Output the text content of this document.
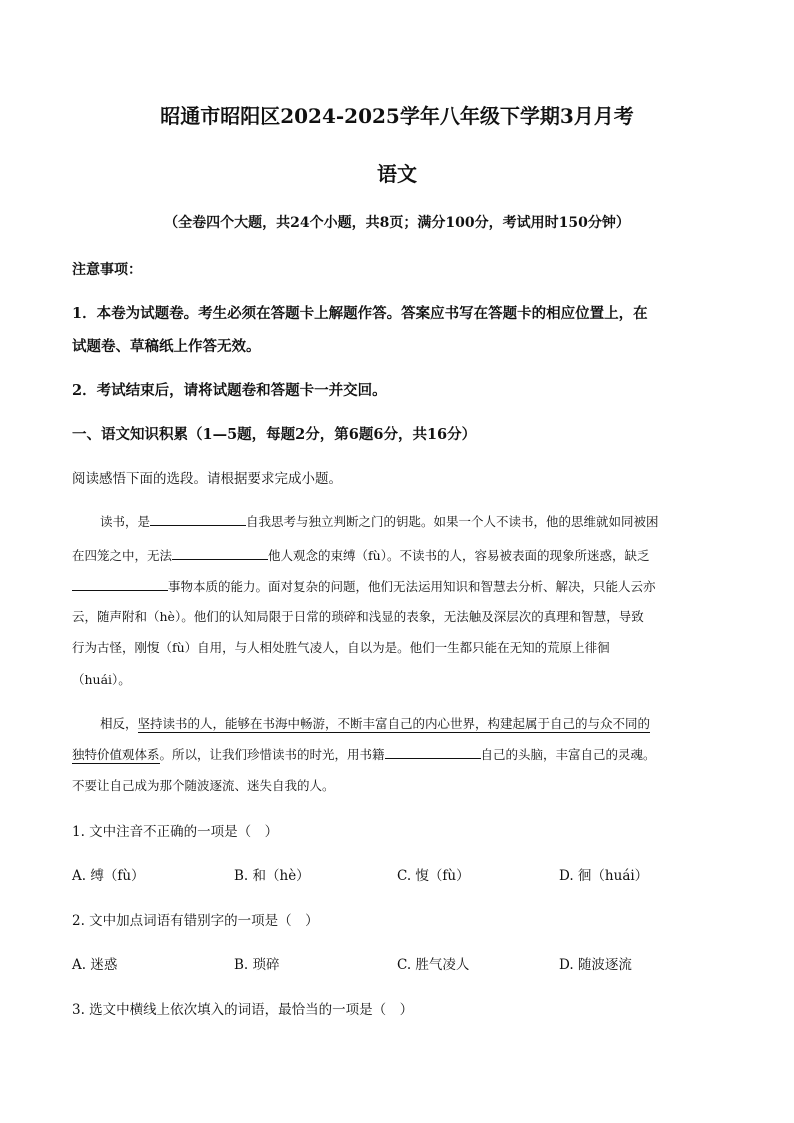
昭通市昭阳区2024-2025学年八年级下学期3月月考
语文
（全卷四个大题，共24个小题，共8页；满分100分，考试用时150分钟）
注意事项：
1．本卷为试题卷。考生必须在答题卡上解题作答。答案应书写在答题卡的相应位置上，在
试题卷、草稿纸上作答无效。
2．考试结束后，请将试题卷和答题卡一并交回。
一、语文知识积累（1—5题，每题2分，第6题6分，共16分）
阅读感悟下面的选段。请根据要求完成小题。
读书，是	自我思考与独立判断之门的钥匙。如果一个人不读书，他的思维就如同被困
在四笼之中，无法	他人观念的束缚（fù）。不读书的人，容易被表面的现象所迷惑，缺乏
事物本质的能力。面对复杂的问题，他们无法运用知识和智慧去分析、解决，只能人云亦
云，随声附和（hè）。他们的认知局限于日常的琐碎和浅显的表象，无法触及深层次的真理和智慧，导致
行为古怪，刚愎（fù）自用，与人相处胜气凌人，自以为是。他们一生都只能在无知的荒原上徘徊
（huái）。
相反，坚持读书的人，能够在书海中畅游，不断丰富自己的内心世界，构建起属于自己的与众不同的
独特价值观体系。所以，让我们珍惜读书的时光，用书籍	自己的头脑，丰富自己的灵魂。
不要让自己成为那个随波逐流、迷失自我的人。
1. 文中注音不正确的一项是（　）
A. 缚（fù）	B. 和（hè）	C. 愎（fù）	D. 徊（huái）
2. 文中加点词语有错别字的一项是（　）
A. 迷惑	B. 琐碎	C. 胜气凌人	D. 随波逐流
3. 选文中横线上依次填入的词语，最恰当的一项是（　）
